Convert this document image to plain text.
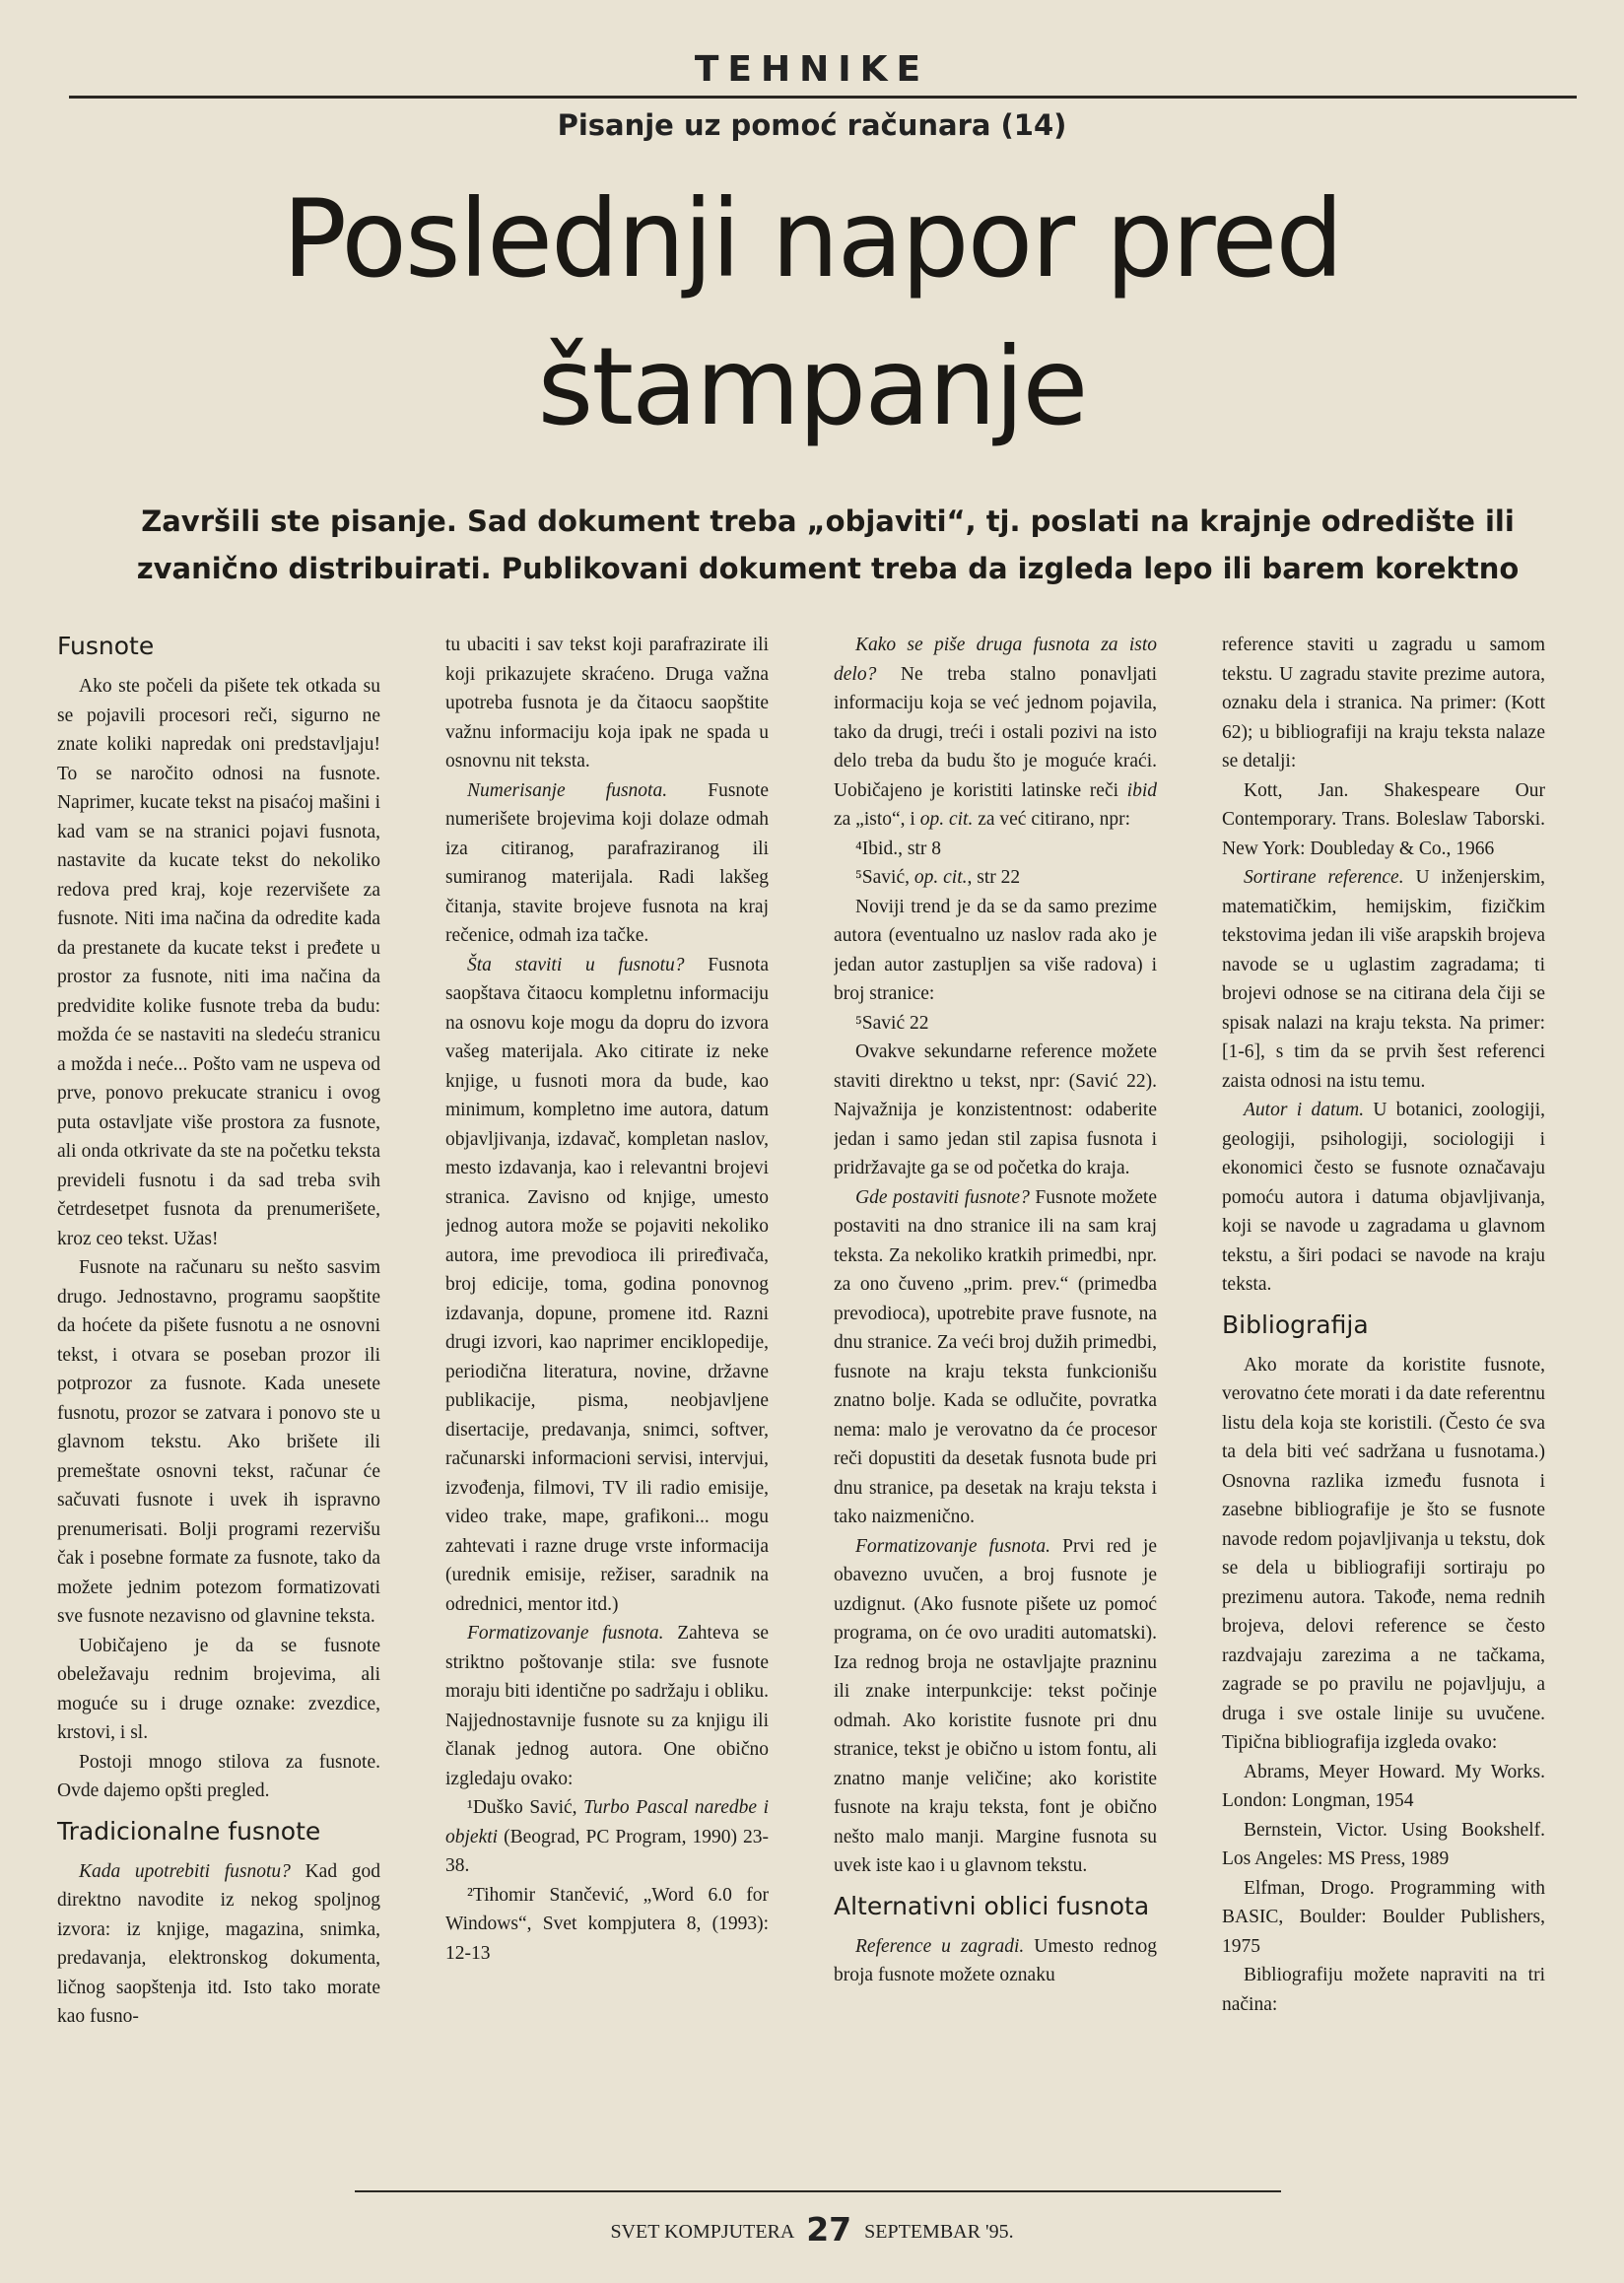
TEHNIKE
Pisanje uz pomoć računara (14)
Poslednji napor pred
štampanje
Završili ste pisanje. Sad dokument treba „objaviti“, tj. poslati na krajnje odredište ili
zvanično distribuirati. Publikovani dokument treba da izgleda lepo ili barem korektno
Fusnote

Ako ste počeli da pišete tek otkada su se pojavili procesori reči, sigurno ne znate koliki napredak oni predstavljaju! To se naročito odnosi na fusnote. Naprimer, kucate tekst na pisaćoj mašini i kad vam se na stranici pojavi fusnota, nastavite da kucate tekst do nekoliko redova pred kraj, koje rezervišete za fusnote. Niti ima načina da odredite kada da prestanete da kucate tekst i pređete u prostor za fusnote, niti ima načina da predvidite kolike fusnote treba da budu: možda će se nastaviti na sledeću stranicu a možda i neće... Pošto vam ne uspeva od prve, ponovo prekucate stranicu i ovog puta ostavljate više prostora za fusnote, ali onda otkrivate da ste na početku teksta prevideli fusnotu i da sad treba svih četrdesetpet fusnota da prenumerišete, kroz ceo tekst. Užas!

Fusnote na računaru su nešto sasvim drugo. Jednostavno, programu saopštite da hoćete da pišete fusnotu a ne osnovni tekst, i otvara se poseban prozor ili potprozor za fusnote. Kada unesete fusnotu, prozor se zatvara i ponovo ste u glavnom tekstu. Ako brišete ili premeštate osnovni tekst, računar će sačuvati fusnote i uvek ih ispravno prenumerisati. Bolji programi rezervišu čak i posebne formate za fusnote, tako da možete jednim potezom formatizovati sve fusnote nezavisno od glavnine teksta.

Uobičajeno je da se fusnote obeležavaju rednim brojevima, ali moguće su i druge oznake: zvezdice, krstovi, i sl.

Postoji mnogo stilova za fusnote. Ovde dajemo opšti pregled.

Tradicionalne fusnote

Kada upotrebiti fusnotu? Kad god direktno navodite iz nekog spoljnog izvora: iz knjige, magazina, snimka, predavanja, elektronskog dokumenta, ličnog saopštenja itd. Isto tako morate kao fusno-

tu ubaciti i sav tekst koji parafrazirate ili koji prikazujete skraćeno. Druga važna upotreba fusnota je da čitaocu saopštite važnu informaciju koja ipak ne spada u osnovnu nit teksta.

Numerisanje fusnota. Fusnote numerišete brojevima koji dolaze odmah iza citiranog, parafraziranog ili sumiranog materijala. Radi lakšeg čitanja, stavite brojeve fusnota na kraj rečenice, odmah iza tačke.

Šta staviti u fusnotu? Fusnota saopštava čitaocu kompletnu informaciju na osnovu koje mogu da dopru do izvora vašeg materijala. Ako citirate iz neke knjige, u fusnoti mora da bude, kao minimum, kompletno ime autora, datum objavljivanja, izdavač, kompletan naslov, mesto izdavanja, kao i relevantni brojevi stranica. Zavisno od knjige, umesto jednog autora može se pojaviti nekoliko autora, ime prevodioca ili priređivača, broj edicije, toma, godina ponovnog izdavanja, dopune, promene itd. Razni drugi izvori, kao naprimer enciklopedije, periodična literatura, novine, državne publikacije, pisma, neobjavljene disertacije, predavanja, snimci, softver, računarski informacioni servisi, intervjui, izvođenja, filmovi, TV ili radio emisije, video trake, mape, grafikoni... mogu zahtevati i razne druge vrste informacija (urednik emisije, režiser, saradnik na odrednici, mentor itd.)

Formatizovanje fusnota. Zahteva se striktno poštovanje stila: sve fusnote moraju biti identične po sadržaju i obliku. Najjednostavnije fusnote su za knjigu ili članak jednog autora. One obično izgledaju ovako:

¹Duško Savić, Turbo Pascal naredbe i objekti (Beograd, PC Program, 1990) 23-38.

²Tihomir Stančević, „Word 6.0 for Windows“, Svet kompjutera 8, (1993): 12-13

Kako se piše druga fusnota za isto delo? Ne treba stalno ponavljati informaciju koja se već jednom pojavila, tako da drugi, treći i ostali pozivi na isto delo treba da budu što je moguće kraći. Uobičajeno je koristiti latinske reči ibid za „isto“, i op. cit. za već citirano, npr:

⁴Ibid., str 8

⁵Savić, op. cit., str 22

Noviji trend je da se da samo prezime autora (eventualno uz naslov rada ako je jedan autor zastupljen sa više radova) i broj stranice:

⁵Savić 22

Ovakve sekundarne reference možete staviti direktno u tekst, npr: (Savić 22). Najvažnija je konzistentnost: odaberite jedan i samo jedan stil zapisa fusnota i pridržavajte ga se od početka do kraja.

Gde postaviti fusnote? Fusnote možete postaviti na dno stranice ili na sam kraj teksta. Za nekoliko kratkih primedbi, npr. za ono čuveno „prim. prev.“ (primedba prevodioca), upotrebite prave fusnote, na dnu stranice. Za veći broj dužih primedbi, fusnote na kraju teksta funkcionišu znatno bolje. Kada se odlučite, povratka nema: malo je verovatno da će procesor reči dopustiti da desetak fusnota bude pri dnu stranice, pa desetak na kraju teksta i tako naizmenično.

Formatizovanje fusnota. Prvi red je obavezno uvučen, a broj fusnote je uzdignut. (Ako fusnote pišete uz pomoć programa, on će ovo uraditi automatski). Iza rednog broja ne ostavljajte prazninu ili znake interpunkcije: tekst počinje odmah. Ako koristite fusnote pri dnu stranice, tekst je obično u istom fontu, ali znatno manje veličine; ako koristite fusnote na kraju teksta, font je obično nešto malo manji. Margine fusnota su uvek iste kao i u glavnom tekstu.

Alternativni oblici fusnota

Reference u zagradi. Umesto rednog broja fusnote možete oznaku

reference staviti u zagradu u samom tekstu. U zagradu stavite prezime autora, oznaku dela i stranica. Na primer: (Kott 62); u bibliografiji na kraju teksta nalaze se detalji:

Kott, Jan. Shakespeare Our Contemporary. Trans. Boleslaw Taborski. New York: Doubleday & Co., 1966

Sortirane reference. U inženjerskim, matematičkim, hemijskim, fizičkim tekstovima jedan ili više arapskih brojeva navode se u uglastim zagradama; ti brojevi odnose se na citirana dela čiji se spisak nalazi na kraju teksta. Na primer: [1-6], s tim da se prvih šest referenci zaista odnosi na istu temu.

Autor i datum. U botanici, zoologiji, geologiji, psihologiji, sociologiji i ekonomici često se fusnote označavaju pomoću autora i datuma objavljivanja, koji se navode u zagradama u glavnom tekstu, a širi podaci se navode na kraju teksta.

Bibliografija

Ako morate da koristite fusnote, verovatno ćete morati i da date referentnu listu dela koja ste koristili. (Često će sva ta dela biti već sadržana u fusnotama.) Osnovna razlika između fusnota i zasebne bibliografije je što se fusnote navode redom pojavljivanja u tekstu, dok se dela u bibliografiji sortiraju po prezimenu autora. Takođe, nema rednih brojeva, delovi reference se često razdvajaju zarezima a ne tačkama, zagrade se po pravilu ne pojavljuju, a druga i sve ostale linije su uvučene. Tipična bibliografija izgleda ovako:

Abrams, Meyer Howard. My Works. London: Longman, 1954

Bernstein, Victor. Using Bookshelf. Los Angeles: MS Press, 1989

Elfman, Drogo. Programming with BASIC, Boulder: Boulder Publishers, 1975

Bibliografiju možete napraviti na tri načina:

SVET KOMPJUTERA 27 SEPTEMBAR '95.
